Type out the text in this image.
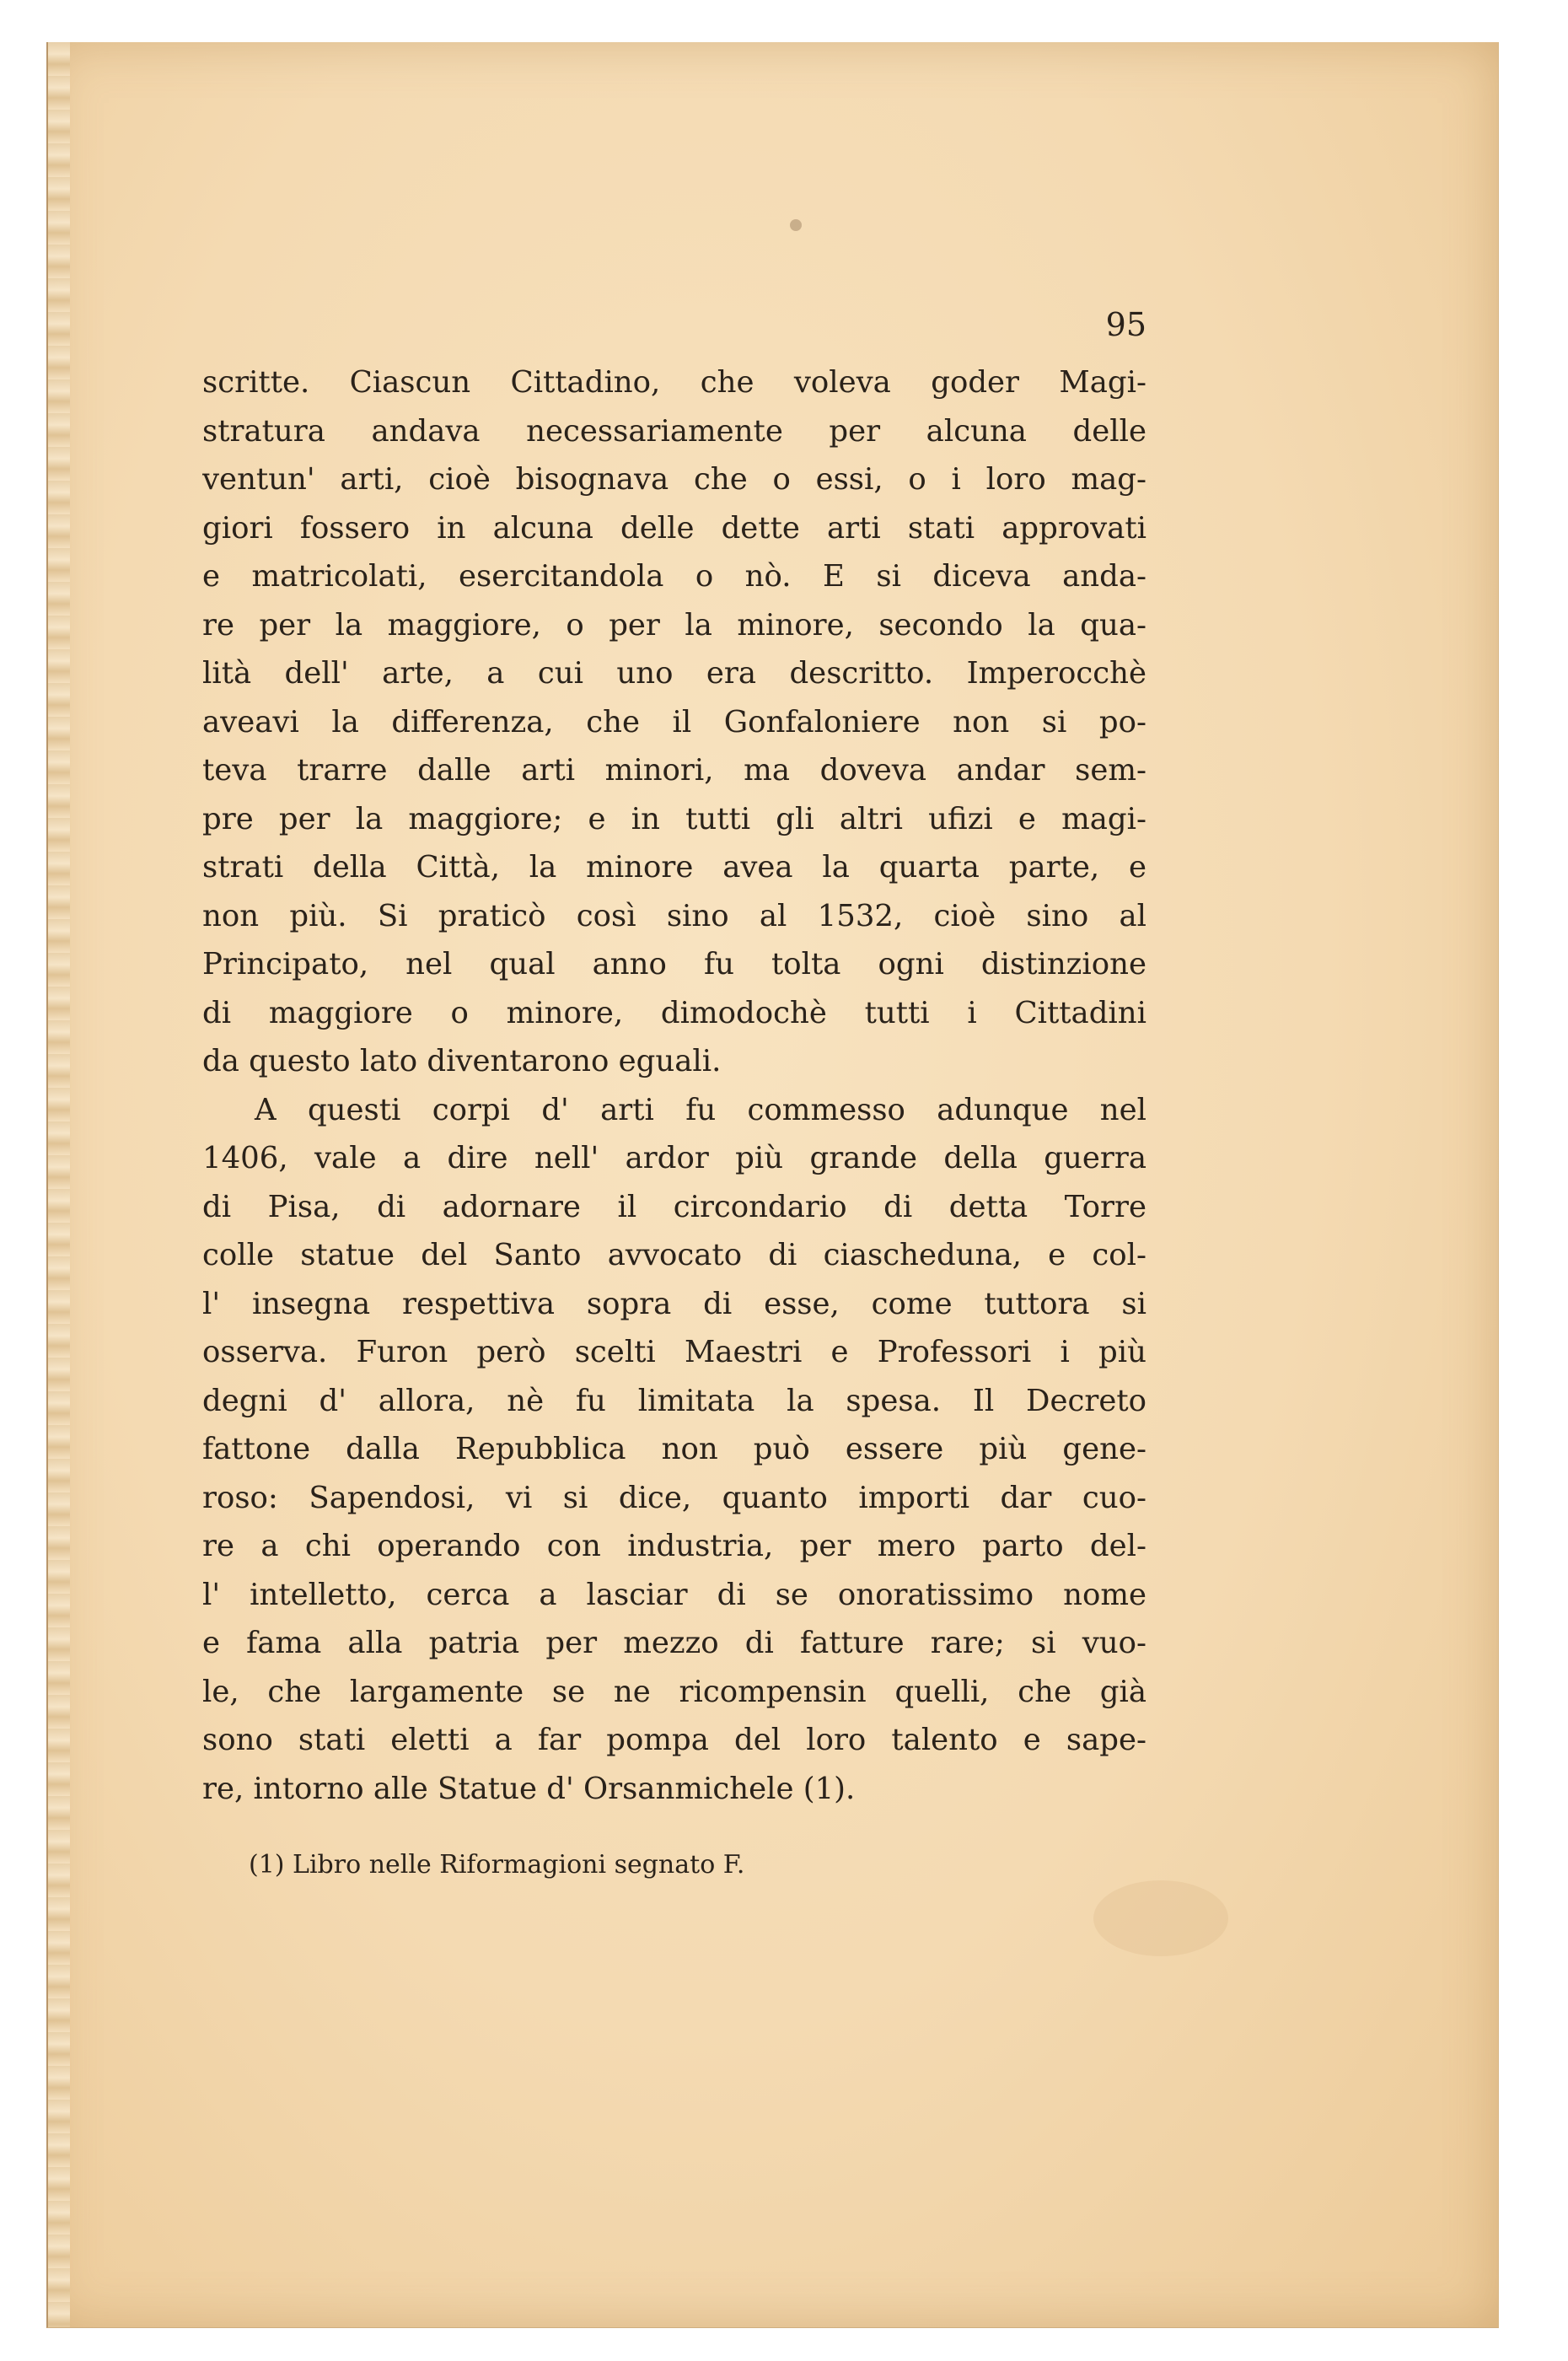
95
scritte. Ciascun Cittadino, che voleva goder Magi-
stratura andava necessariamente per alcuna delle
ventun' arti, cioè bisognava che o essi, o i loro mag-
giori fossero in alcuna delle dette arti stati approvati
e matricolati, esercitandola o nò. E si diceva anda-
re per la maggiore, o per la minore, secondo la qua-
lità dell' arte, a cui uno era descritto. Imperocchè
aveavi la differenza, che il Gonfaloniere non si po-
teva trarre dalle arti minori, ma doveva andar sem-
pre per la maggiore; e in tutti gli altri ufizi e magi-
strati della Città, la minore avea la quarta parte, e
non più. Si praticò così sino al 1532, cioè sino al
Principato, nel qual anno fu tolta ogni distinzione
di maggiore o minore, dimodochè tutti i Cittadini
da questo lato diventarono eguali.
A questi corpi d' arti fu commesso adunque nel
1406, vale a dire nell' ardor più grande della guerra
di Pisa, di adornare il circondario di detta Torre
colle statue del Santo avvocato di ciascheduna, e col-
l' insegna respettiva sopra di esse, come tuttora si
osserva. Furon però scelti Maestri e Professori i più
degni d' allora, nè fu limitata la spesa. Il Decreto
fattone dalla Repubblica non può essere più gene-
roso: Sapendosi, vi si dice, quanto importi dar cuo-
re a chi operando con industria, per mero parto del-
l' intelletto, cerca a lasciar di se onoratissimo nome
e fama alla patria per mezzo di fatture rare; si vuo-
le, che largamente se ne ricompensin quelli, che già
sono stati eletti a far pompa del loro talento e sape-
re, intorno alle Statue d' Orsanmichele (1).
(1) Libro nelle Riformagioni segnato F.
